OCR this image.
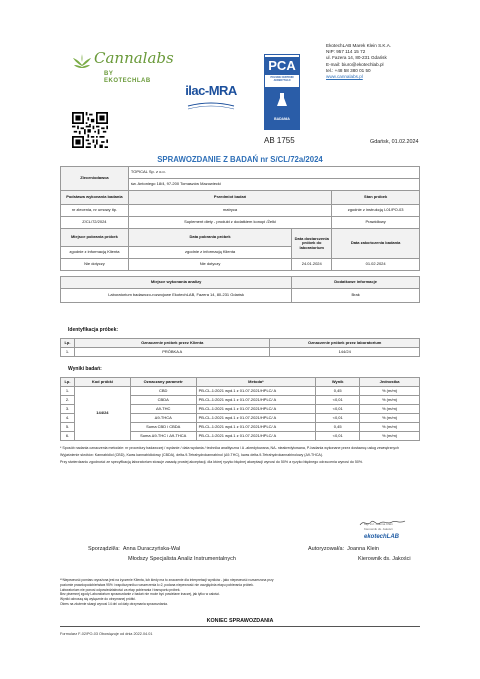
Cannalabs
BY EKOTECHLAB
ilac-MRA
PCA
POLSKIE CENTRUM AKREDYTACJI
BADANIA
AB 1755
EkotechLAB Marek Klein S.K.A.
NIP: 957 114 15 72
ul. Fazera 14, 80-231 Gdańsk
E-mail: biuro@ekotechlab.pl
tel.: +48 58 380 01 50
www.cannalabs.pl
Gdańsk, 01.02.2024
SPRAWOZDANIE Z BADAŃ nr S/CL/72a/2024
Zleceniodawca	TOPICAL Sp. z o.o.		
	św. Antoniego 18/4, 97-200 Tomaszów Mazowiecki		
Podstawa wykonania badania	Przedmiot badań		Stan próbek
nr zlecenia, nr umowy itp.	matryca		zgodnie z instrukcją I-01/PO-03
Z/CL/72/2024	Suplement diety - produkt z dodatkiem konopi /Żelki		Prawidłowy
Miejsce pobrania próbek	Data pobrania próbek	Data dostarczenia próbek do laboratorium	Data zakończenia badania
zgodnie z informacją Klienta	zgodnie z informacją Klienta		
Nie dotyczy	Nie dotyczy	24.01.2024	01.02.2024

Miejsce wykonania analizy		Dodatkowe informacje	
Laboratorium badawczo-rozwojowe EkotechLAB, Fazera 14, 80-231 Gdańsk		Brak	
Identyfikacja próbek:
Lp.	Oznaczenie próbek przez Klienta	Oznaczenie próbek przez laboratorium
1.	PRÓBKA A	144/24
Wyniki badań:
Lp.	Kod próbki	Oznaczany parametr	Metoda*	Wynik	Jednostka
1.	144/24	CBD	PB-CL-1:2021 wyd.1 z 01.07.2021/HPLC/ A	0,45	% (m/m)
2.		CBDA	PB-CL-1:2021 wyd.1 z 01.07.2021/HPLC/ A	<0,01	% (m/m)
3.		Δ9-THC	PB-CL-1:2021 wyd.1 z 01.07.2021/HPLC/ A	<0,01	% (m/m)
4.		Δ9-THCA	PB-CL-1:2021 wyd.1 z 01.07.2021/HPLC/ A	<0,01	% (m/m)
5.		Suma CBD i CBDA	PB-CL-1:2021 wyd.1 z 01.07.2021/HPLC/ A	0,45	% (m/m)
6.		Suma Δ9-THC i Δ9-THCA	PB-CL-1:2021 wyd.1 z 01.07.2021/HPLC/ A	<0,01	% (m/m)

* Sposób nadania oznaczenia metodzie: nr procedury badawczej / wydanie / data wydania / technika analityczna / A -akredytowana, NA- nieakredytowana, P-badania wykonane przez dostawcę usług zewnętrznych

Wyjaśnienie skrótów: Kannabidiol (CBD), Kwas kannabidiolowy (CBDA), delta-9-Tetrahydrokannabinol (Δ9-THC), kwas delta-9-Tetrahydrokannabinolowy (Δ9-THCA).

Przy stwierdzaniu zgodności ze specyfikacją laboratorium stosuje zasadę prostej akceptacji, dla której ryzyko błędnej akceptacji wynosi do 50% a ryzyko błędnego odrzucenia wynosi do 50%.

Mgr inż. Joanna Klein
Kierownik ds. Jakości
ekotechLAB
Sporządził/a: Anna Duraczyńska-Wal
Młodszy Specjalista Analiz Instrumentalnych
Autoryzował/a: Joanna Klein
Kierownik ds. Jakości
**Niepewność pomiaru wyrażona jest na życzenie Klienta, lub kiedy ma to znaczenie dla interpretacji wyników - jako niepewność rozszerzona przy
poziomie prawdopodobieństwa 95% i współczynniku rozszerzenia k=2, podana niepewność nie uwzględnia etapu pobierania próbek.
Laboratorium nie ponosi odpowiedzialności za etap pobierania i transportu próbek.
Bez pisemnej zgody Laboratorium sprawozdanie z badań nie może być powielane inaczej, jak tylko w całości.
Wyniki odnoszą się wyłącznie do otrzymanej próbki.
Okres na złożenie skargi wynosi 14 dni od daty otrzymania sprawozdania.
KONIEC SPRAWOZDANIA
Formularz F-02/PO-03 Obowiązuje od dnia 2022.04.01
